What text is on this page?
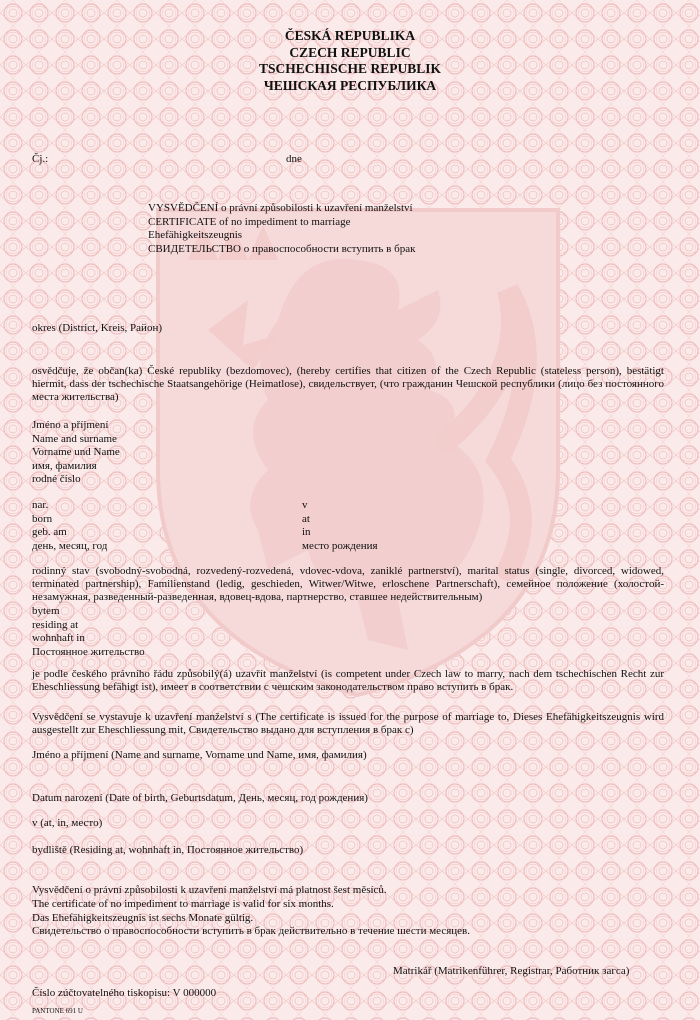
ČESKÁ REPUBLIKA
CZECH REPUBLIC
TSCHECHISCHE REPUBLIK
ЧЕШСКАЯ РЕСПУБЛИКА
Čj.:	dne
VYSVĚDČENÍ o právní způsobilosti k uzavření manželství
CERTIFICATE of no impediment to marriage
Ehefähigkeitszeugnis
СВИДЕТЕЛЬСТВО о правоспособности вступить в брак
okres (District, Kreis, Район)
osvědčuje, že občan(ka) České republiky (bezdomovec), (hereby certifies that citizen of the Czech Republic (stateless person), bestätigt hiermit, dass der tschechische Staatsangehörige (Heimatlose), свидельствует, (что гражданин Чешской республики (лицо без постоянного места жительства)
Jméno a příjmení
Name and surname
Vorname und Name
имя, фамилия
rodné číslo
nar.
born
geb. am
день, месяц, год
v
at
in
место рождения
rodinný stav (svobodný-svobodná, rozvedený-rozvedená, vdovec-vdova, zaniklé partnerství), marital status (single, divorced, widowed, terminated partnership), Familienstand (ledig, geschieden, Witwer/Witwe, erloschene Partnerschaft), семейное положение (холостой-незамужная, разведенный-разведенная, вдовец-вдова, партнерство, ставшее недействительным)
bytem
residing at
wohnhaft in
Постоянное жительство
je podle českého právního řádu způsobilý(á) uzavřít manželství (is competent under Czech law to marry, nach dem tschechischen Recht zur Eheschliessung befähigt ist), имеет в соответствии с чешским законодательством право вступить в брак.
Vysvědčení se vystavuje k uzavření manželství s (The certificate is issued for the purpose of marriage to, Dieses Ehefähigkeitszeugnis wird ausgestellt zur Eheschliessung mit, Свидетельство выдано для вступления в брак с)
Jméno a příjmení (Name and surname, Vorname und Name, имя, фамилия)
Datum narození (Date of birth, Geburtsdatum, День, месяц, год рождения)
v (at, in, место)
bydliště (Residing at, wohnhaft in, Постоянное жительство)
Vysvědčení o právní způsobilosti k uzavření manželství má platnost šest měsíců.
The certificate of no impediment to marriage is valid for six months.
Das Ehefähigkeitszeugnis ist sechs Monate gültig.
Свидетельство о правоспособности вступить в брак действительно в течение шести месяцев.
Matrikář (Matrikenführer, Registrar, Работник загса)
Číslo zúčtovatelného tiskopisu: V 000000
PANTONE 691 U
